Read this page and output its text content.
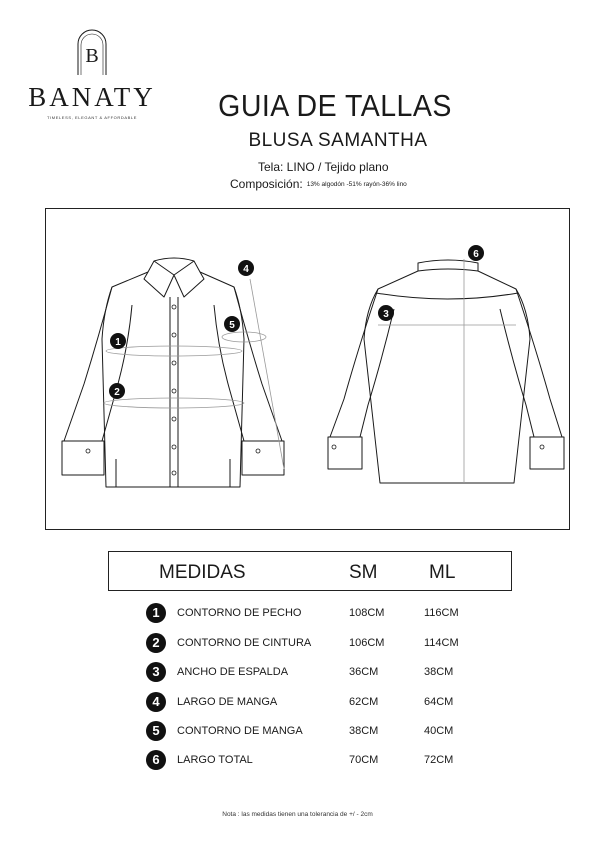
B
BANATY
TIMELESS, ELEGANT & AFFORDABLE	GUIA DE TALLAS
BLUSA SAMANTHA
Tela: LINO / Tejido plano
Composición: 13% algodón -51% rayón-36% lino
1
2
3
4
5
6
MEDIDAS	SM	ML
1	CONTORNO DE PECHO	108CM	116CM
2	CONTORNO DE CINTURA	106CM	114CM
3	ANCHO DE ESPALDA	36CM	38CM
4	LARGO DE MANGA	62CM	64CM
5	CONTORNO DE MANGA	38CM	40CM
6	LARGO TOTAL	70CM	72CM
Nota : las medidas tienen una tolerancia de +/ - 2cm
